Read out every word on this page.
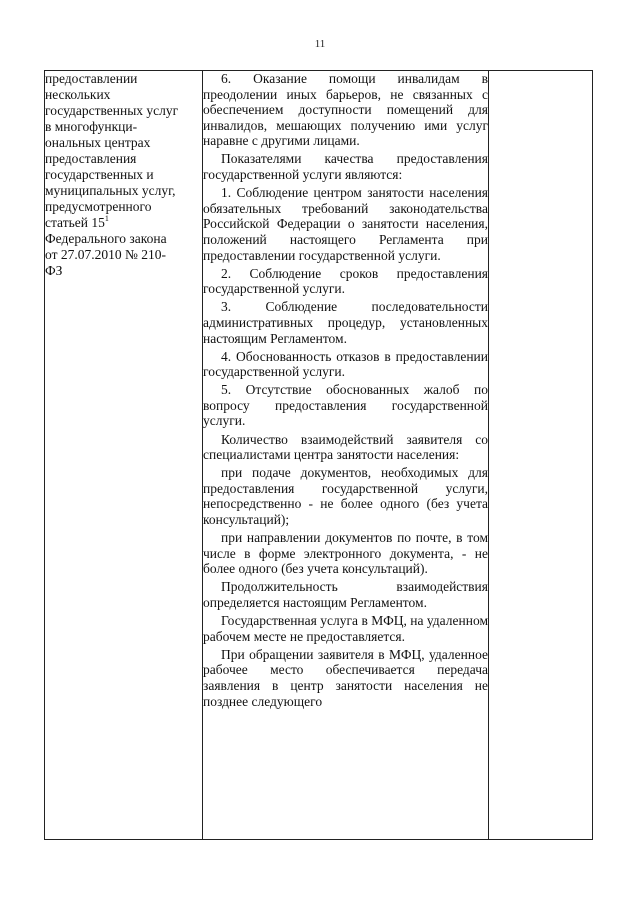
11
предоставлении
нескольких
государственных услуг
в многофункци-
ональных центрах
предоставления
государственных и
муниципальных услуг,
предусмотренного
статьей $15^1$
Федерального закона
от 27.07.2010 № 210-
ФЗ

6. Оказание помощи инвалидам в преодолении иных барьеров, не связанных с обеспечением доступности помещений для инвалидов, мешающих получению ими услуг наравне с другими лицами.
Показателями качества предоставления государственной услуги являются:
1. Соблюдение центром занятости населения обязательных требований законодательства Российской Федерации о занятости населения, положений настоящего Регламента при предоставлении государственной услуги.
2. Соблюдение сроков предоставления государственной услуги.
3. Соблюдение последовательности административных процедур, установленных настоящим Регламентом.
4. Обоснованность отказов в предоставлении государственной услуги.
5. Отсутствие обоснованных жалоб по вопросу предоставления государственной услуги.
Количество взаимодействий заявителя со специалистами центра занятости населения:
при подаче документов, необходимых для предоставления государственной услуги, непосредственно - не более одного (без учета консультаций);
при направлении документов по почте, в том числе в форме электронного документа, - не более одного (без учета консультаций).
Продолжительность взаимодействия определяется настоящим Регламентом.
Государственная услуга в МФЦ, на удаленном рабочем месте не предоставляется.
При обращении заявителя в МФЦ, удаленное рабочее место обеспечивается передача заявления в центр занятости населения не позднее следующего
